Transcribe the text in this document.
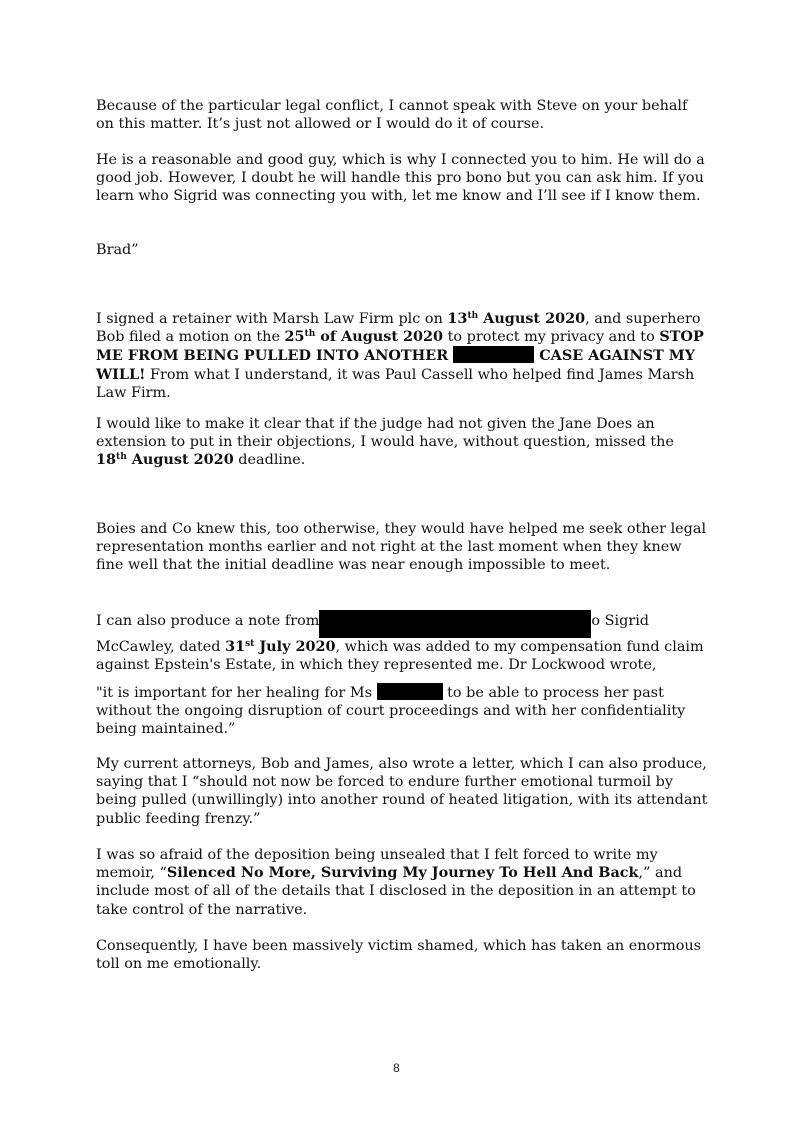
Because of the particular legal conflict, I cannot speak with Steve on your behalf on this matter. It’s just not allowed or I would do it of course.

He is a reasonable and good guy, which is why I connected you to him. He will do a good job. However, I doubt he will handle this pro bono but you can ask him. If you learn who Sigrid was connecting you with, let me know and I’ll see if I know them.

Brad”

I signed a retainer with Marsh Law Firm plc on 13th August 2020, and superhero Bob filed a motion on the 25th of August 2020 to protect my privacy and to STOP ME FROM BEING PULLED INTO ANOTHER	CASE AGAINST MY WILL! From what I understand, it was Paul Cassell who helped find James Marsh Law Firm.

I would like to make it clear that if the judge had not given the Jane Does an extension to put in their objections, I would have, without question, missed the 18th August 2020 deadline.

Boies and Co knew this, too otherwise, they would have helped me seek other legal representation months earlier and not right at the last moment when they knew fine well that the initial deadline was near enough impossible to meet.

I can also produce a note from	o Sigrid McCawley, dated 31st July 2020, which was added to my compensation fund claim against Epstein's Estate, in which they represented me. Dr Lockwood wrote,

"it is important for her healing for Ms	to be able to process her past without the ongoing disruption of court proceedings and with her confidentiality being maintained.”

My current attorneys, Bob and James, also wrote a letter, which I can also produce, saying that I “should not now be forced to endure further emotional turmoil by being pulled (unwillingly) into another round of heated litigation, with its attendant public feeding frenzy.”

I was so afraid of the deposition being unsealed that I felt forced to write my memoir, “Silenced No More, Surviving My Journey To Hell And Back,” and include most of all of the details that I disclosed in the deposition in an attempt to take control of the narrative.

Consequently, I have been massively victim shamed, which has taken an enormous toll on me emotionally.

8
